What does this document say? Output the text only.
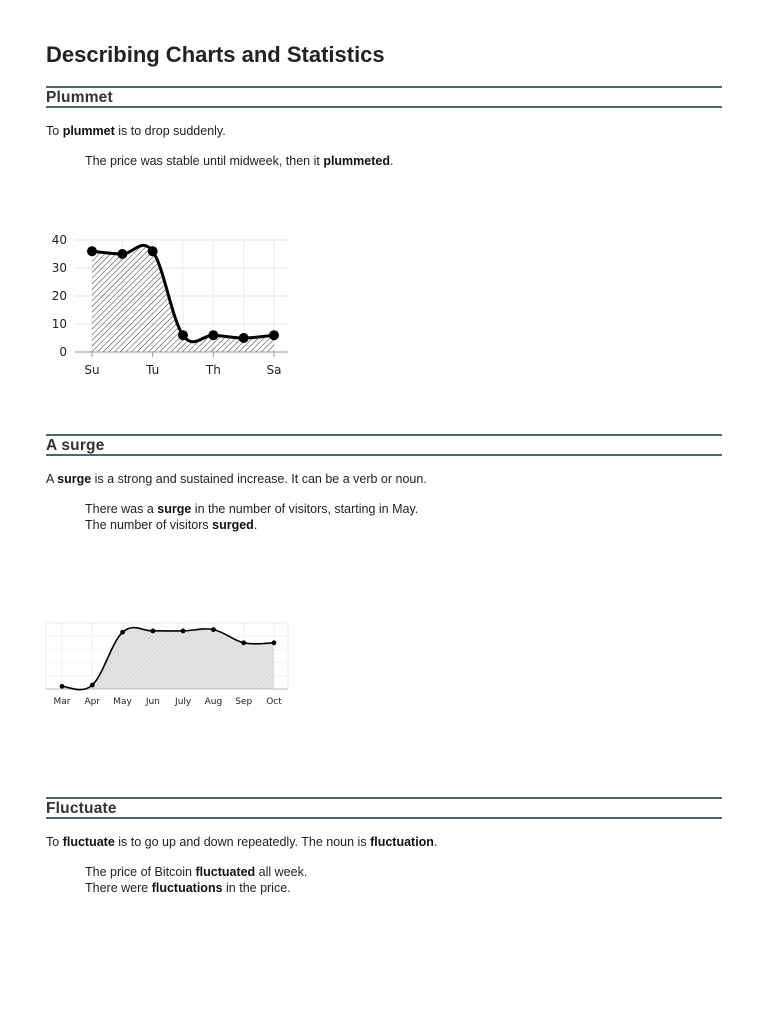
Describing Charts and Statistics
Plummet
To plummet is to drop suddenly.
The price was stable until midweek, then it plummeted.
0
10
20
30
40
Su	Tu	Th	Sa
A surge
A surge is a strong and sustained increase. It can be a verb or noun.
There was a surge in the number of visitors, starting in May.
The number of visitors surged.
Mar Apr May Jun July Aug Sep Oct
Fluctuate
To fluctuate is to go up and down repeatedly. The noun is fluctuation.
The price of Bitcoin fluctuated all week.
There were fluctuations in the price.
